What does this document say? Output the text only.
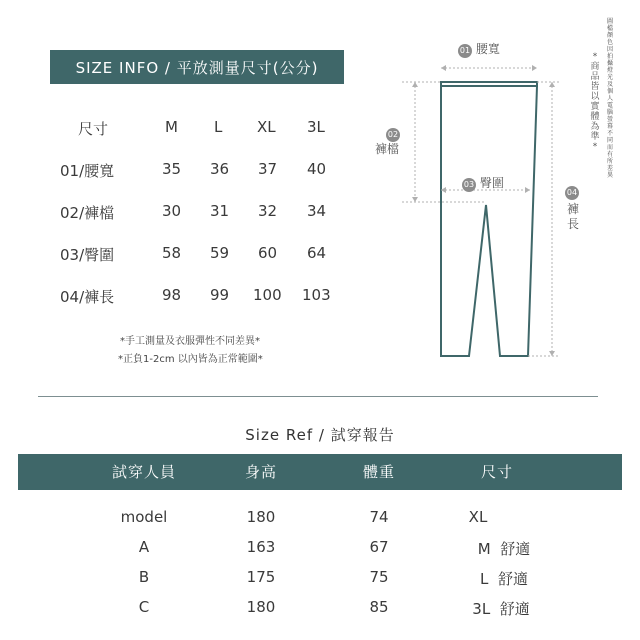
SIZE INFO / 平放測量尺寸(公分)
尺寸	M L XL 3L
01/腰寬	35 36 37 40
02/褲檔	30 31 32 34
03/臀圍	58 59 60 64
04/褲長	98 99 100 103
*手工測量及衣服彈性不同差異*
*正負1-2cm 以內皆為正常範圍*
01 腰寬
02
褲檔
03 臀圍
04
褲長
圖檔顏色因拍攝燈光及個人電腦螢幕不同而有所差異
*商品皆以實體為準*
Size Ref / 試穿報告
試穿人員	身高	體重	尺寸
model	180	74	XL
A	163	67	M  舒適
B	175	75	L  舒適
C	180	85	3L  舒適
